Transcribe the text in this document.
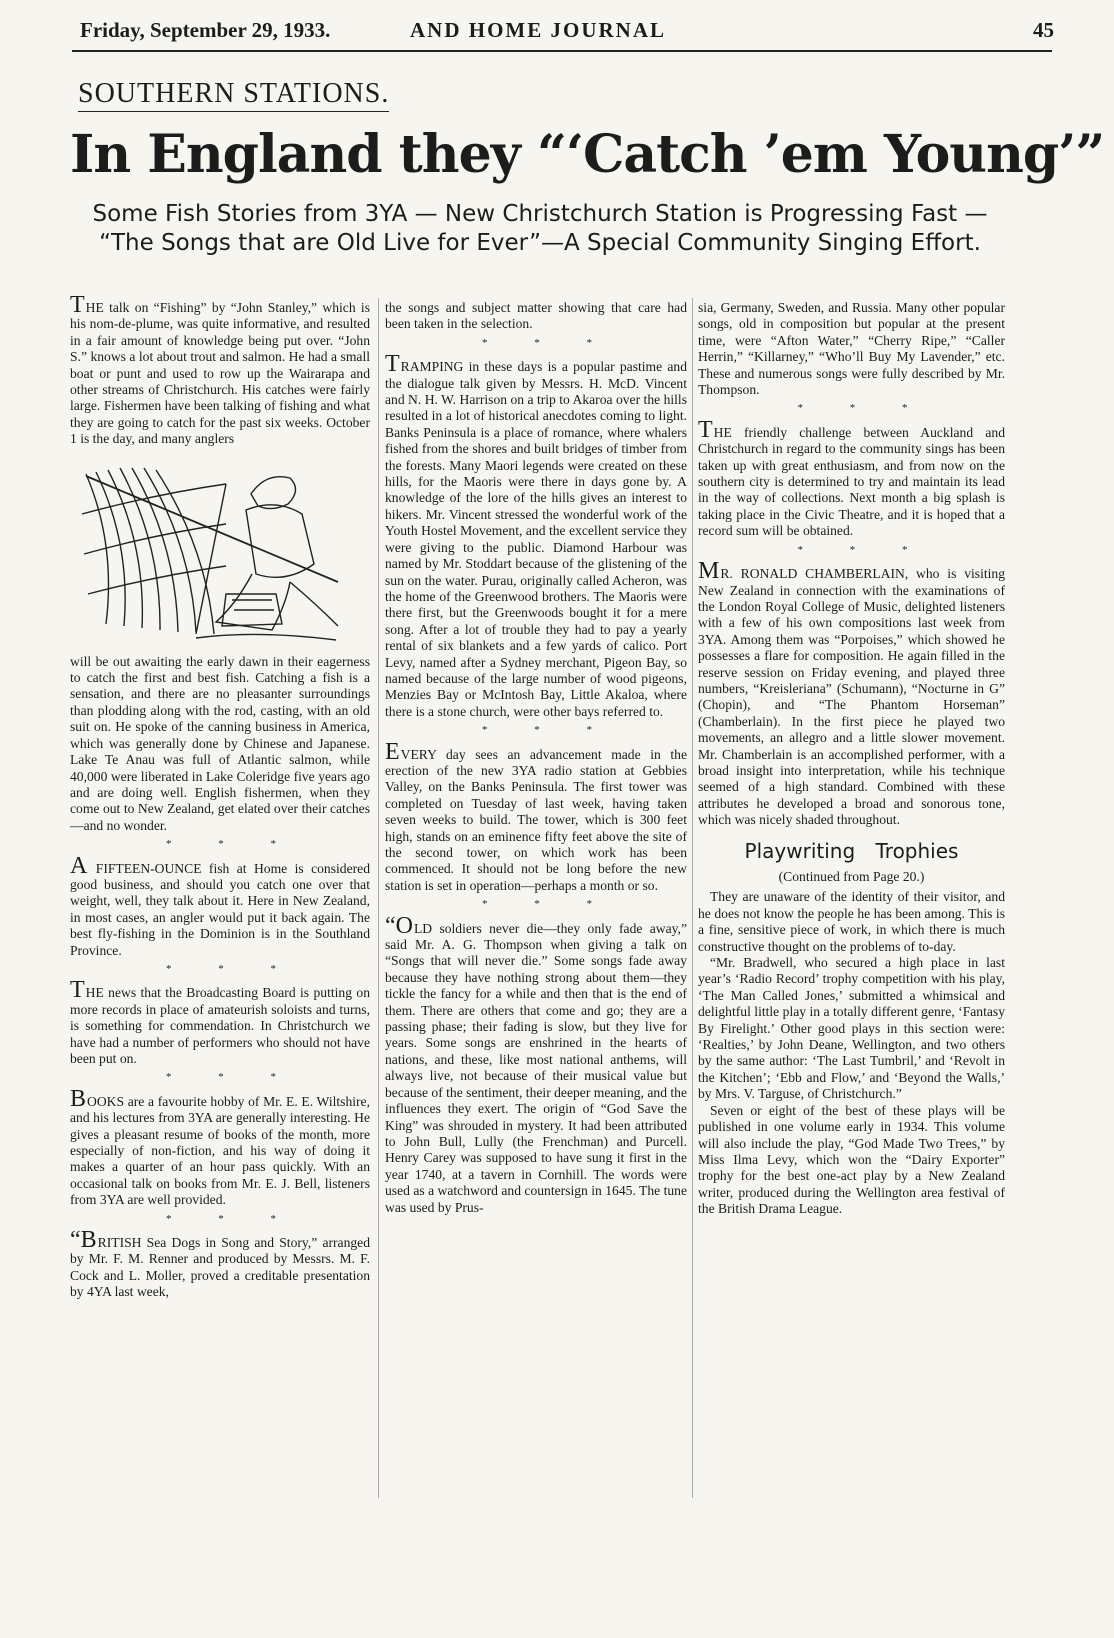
Friday, September 29, 1933.	AND HOME JOURNAL	45
SOUTHERN STATIONS.
In England they “‘Catch ’em Young’”
Some Fish Stories from 3YA — New Christchurch Station is Progressing Fast — “The Songs that are Old Live for Ever”—A Special Community Singing Effort.

THE talk on “Fishing” by “John Stanley,” which is his nom-de-plume, was quite informative, and resulted in a fair amount of knowledge being put over. “John S.” knows a lot about trout and salmon. He had a small boat or punt and used to row up the Wairarapa and other streams of Christchurch. His catches were fairly large. Fishermen have been talking of fishing and what they are going to catch for the past six weeks. October 1 is the day, and many anglers

will be out awaiting the early dawn in their eagerness to catch the first and best fish. Catching a fish is a sensation, and there are no pleasanter surroundings than plodding along with the rod, casting, with an old suit on. He spoke of the canning business in America, which was generally done by Chinese and Japanese. Lake Te Anau was full of Atlantic salmon, while 40,000 were liberated in Lake Coleridge five years ago and are doing well. English fishermen, when they come out to New Zealand, get elated over their catches—and no wonder.

* * *

A FIFTEEN-OUNCE fish at Home is considered good business, and should you catch one over that weight, well, they talk about it. Here in New Zealand, in most cases, an angler would put it back again. The best fly-fishing in the Dominion is in the Southland Province.

* * *

THE news that the Broadcasting Board is putting on more records in place of amateurish soloists and turns, is something for commendation. In Christchurch we have had a number of performers who should not have been put on.

* * *

BOOKS are a favourite hobby of Mr. E. E. Wiltshire, and his lectures from 3YA are generally interesting. He gives a pleasant resume of books of the month, more especially of non-fiction, and his way of doing it makes a quarter of an hour pass quickly. With an occasional talk on books from Mr. E. J. Bell, listeners from 3YA are well provided.

* * *

“BRITISH Sea Dogs in Song and Story,” arranged by Mr. F. M. Renner and produced by Messrs. M. F. Cock and L. Moller, proved a creditable presentation by 4YA last week,

the songs and subject matter showing that care had been taken in the selection.

* * *

TRAMPING in these days is a popular pastime and the dialogue talk given by Messrs. H. McD. Vincent and N. H. W. Harrison on a trip to Akaroa over the hills resulted in a lot of historical anecdotes coming to light. Banks Peninsula is a place of romance, where whalers fished from the shores and built bridges of timber from the forests. Many Maori legends were created on these hills, for the Maoris were there in days gone by. A knowledge of the lore of the hills gives an interest to hikers. Mr. Vincent stressed the wonderful work of the Youth Hostel Movement, and the excellent service they were giving to the public. Diamond Harbour was named by Mr. Stoddart because of the glistening of the sun on the water. Purau, originally called Acheron, was the home of the Greenwood brothers. The Maoris were there first, but the Greenwoods bought it for a mere song. After a lot of trouble they had to pay a yearly rental of six blankets and a few yards of calico. Port Levy, named after a Sydney merchant, Pigeon Bay, so named because of the large number of wood pigeons, Menzies Bay or McIntosh Bay, Little Akaloa, where there is a stone church, were other bays referred to.

* * *

EVERY day sees an advancement made in the erection of the new 3YA radio station at Gebbies Valley, on the Banks Peninsula. The first tower was completed on Tuesday of last week, having taken seven weeks to build. The tower, which is 300 feet high, stands on an eminence fifty feet above the site of the second tower, on which work has been commenced. It should not be long before the new station is set in operation—perhaps a month or so.

* * *

“OLD soldiers never die—they only fade away,” said Mr. A. G. Thompson when giving a talk on “Songs that will never die.” Some songs fade away because they have nothing strong about them—they tickle the fancy for a while and then that is the end of them. There are others that come and go; they are a passing phase; their fading is slow, but they live for years. Some songs are enshrined in the hearts of nations, and these, like most national anthems, will always live, not because of their musical value but because of the sentiment, their deeper meaning, and the influences they exert. The origin of “God Save the King” was shrouded in mystery. It had been attributed to John Bull, Lully (the Frenchman) and Purcell. Henry Carey was supposed to have sung it first in the year 1740, at a tavern in Cornhill. The words were used as a watchword and countersign in 1645. The tune was used by Prus-

sia, Germany, Sweden, and Russia. Many other popular songs, old in composition but popular at the present time, were “Afton Water,” “Cherry Ripe,” “Caller Herrin,” “Killarney,” “Who’ll Buy My Lavender,” etc. These and numerous songs were fully described by Mr. Thompson.

* * *

THE friendly challenge between Auckland and Christchurch in regard to the community sings has been taken up with great enthusiasm, and from now on the southern city is determined to try and maintain its lead in the way of collections. Next month a big splash is taking place in the Civic Theatre, and it is hoped that a record sum will be obtained.

* * *

MR. RONALD CHAMBERLAIN, who is visiting New Zealand in connection with the examinations of the London Royal College of Music, delighted listeners with a few of his own compositions last week from 3YA. Among them was “Porpoises,” which showed he possesses a flare for composition. He again filled in the reserve session on Friday evening, and played three numbers, “Kreisleriana” (Schumann), “Nocturne in G” (Chopin), and “The Phantom Horseman” (Chamberlain). In the first piece he played two movements, an allegro and a little slower movement. Mr. Chamberlain is an accomplished performer, with a broad insight into interpretation, while his technique seemed of a high standard. Combined with these attributes he developed a broad and sonorous tone, which was nicely shaded throughout.

Playwriting Trophies
(Continued from Page 20.)

They are unaware of the identity of their visitor, and he does not know the people he has been among. This is a fine, sensitive piece of work, in which there is much constructive thought on the problems of to-day.

“Mr. Bradwell, who secured a high place in last year’s ‘Radio Record’ trophy competition with his play, ‘The Man Called Jones,’ submitted a whimsical and delightful little play in a totally different genre, ‘Fantasy By Firelight.’ Other good plays in this section were: ‘Realties,’ by John Deane, Wellington, and two others by the same author: ‘The Last Tumbril,’ and ‘Revolt in the Kitchen’; ‘Ebb and Flow,’ and ‘Beyond the Walls,’ by Mrs. V. Targuse, of Christchurch.”

Seven or eight of the best of these plays will be published in one volume early in 1934. This volume will also include the play, “God Made Two Trees,” by Miss Ilma Levy, which won the “Dairy Exporter” trophy for the best one-act play by a New Zealand writer, produced during the Wellington area festival of the British Drama League.
